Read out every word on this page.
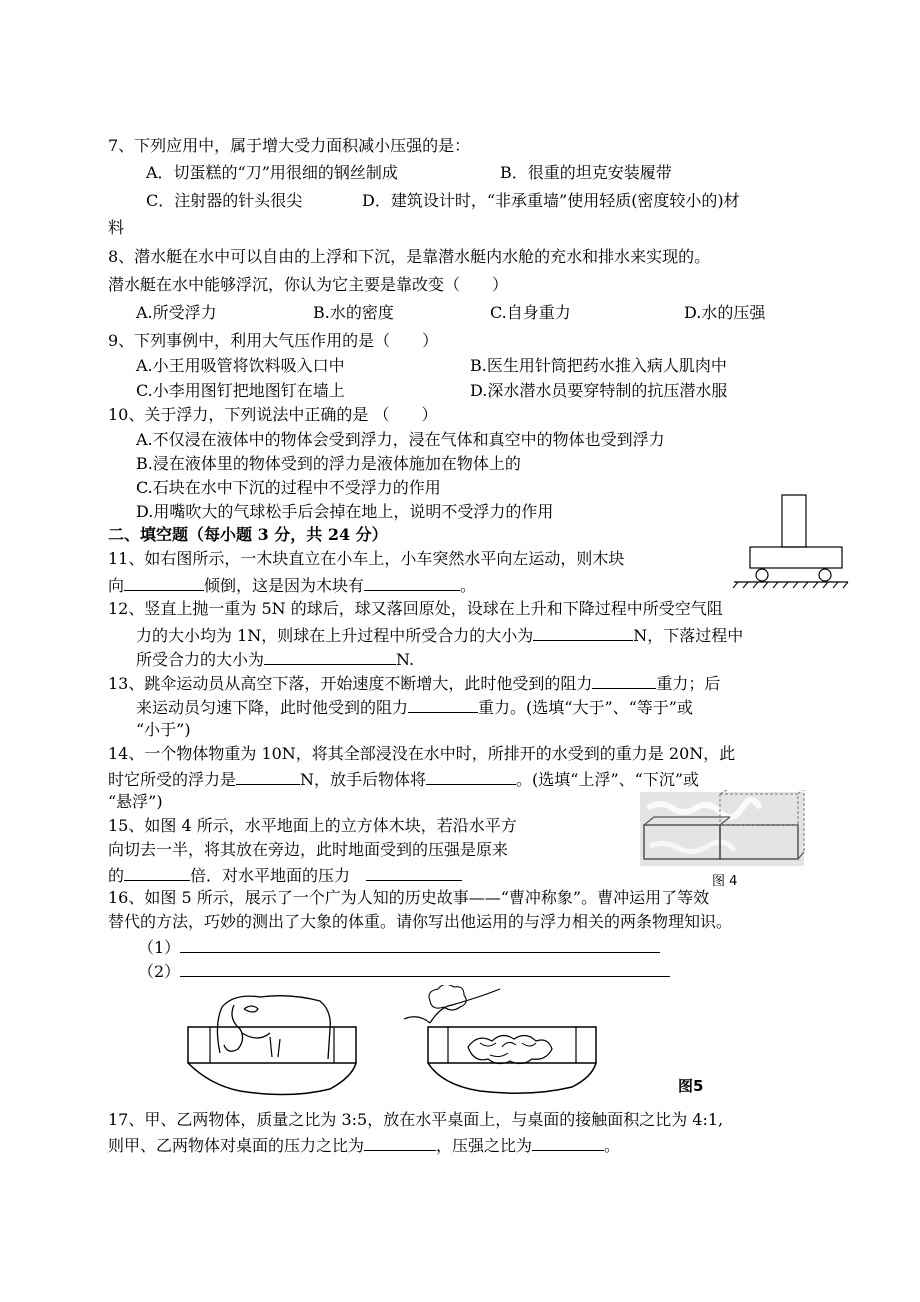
7、下列应用中，属于增大受力面积减小压强的是：
A．切蛋糕的“刀”用很细的钢丝制成	B．很重的坦克安装履带
C．注射器的针头很尖	D．建筑设计时，“非承重墙”使用轻质(密度较小的)材
料
8、潜水艇在水中可以自由的上浮和下沉，是靠潜水艇内水舱的充水和排水来实现的。
潜水艇在水中能够浮沉，你认为它主要是靠改变（　　）
A.所受浮力	B.水的密度	C.自身重力	D.水的压强
9、下列事例中，利用大气压作用的是（　　）
A.小王用吸管将饮料吸入口中	B.医生用针筒把药水推入病人肌肉中
C.小李用图钉把地图钉在墙上	D.深水潜水员要穿特制的抗压潜水服
10、关于浮力，下列说法中正确的是 （　　）
A.不仅浸在液体中的物体会受到浮力，浸在气体和真空中的物体也受到浮力
B.浸在液体里的物体受到的浮力是液体施加在物体上的
C.石块在水中下沉的过程中不受浮力的作用
D.用嘴吹大的气球松手后会掉在地上，说明不受浮力的作用
二、填空题（每小题 3 分，共 24 分）
11、如右图所示，一木块直立在小车上，小车突然水平向左运动，则木块
向	倾倒，这是因为木块有	。
12、竖直上抛一重为 5N 的球后，球又落回原处，设球在上升和下降过程中所受空气阻
力的大小均为 1N，则球在上升过程中所受合力的大小为	N，下落过程中
所受合力的大小为	N.
13、跳伞运动员从高空下落，开始速度不断增大，此时他受到的阻力	重力；后
来运动员匀速下降，此时他受到的阻力	重力。(选填“大于”、“等于”或
“小于”)
14、一个物体物重为 10N，将其全部浸没在水中时，所排开的水受到的重力是 20N，此
时它所受的浮力是	N，放手后物体将	。(选填“上浮”、“下沉”或
“悬浮”)
15、如图 4 所示，水平地面上的立方体木块，若沿水平方
向切去一半，将其放在旁边，此时地面受到的压强是原来
的	倍．对水平地面的压力	图 4
16、如图 5 所示，展示了一个广为人知的历史故事——“曹冲称象”。曹冲运用了等效
替代的方法，巧妙的测出了大象的体重。请你写出他运用的与浮力相关的两条物理知识。
（1）
（2）
图5
17、甲、乙两物体，质量之比为 3:5，放在水平桌面上，与桌面的接触面积之比为 4:1,
则甲、乙两物体对桌面的压力之比为	，压强之比为	。
